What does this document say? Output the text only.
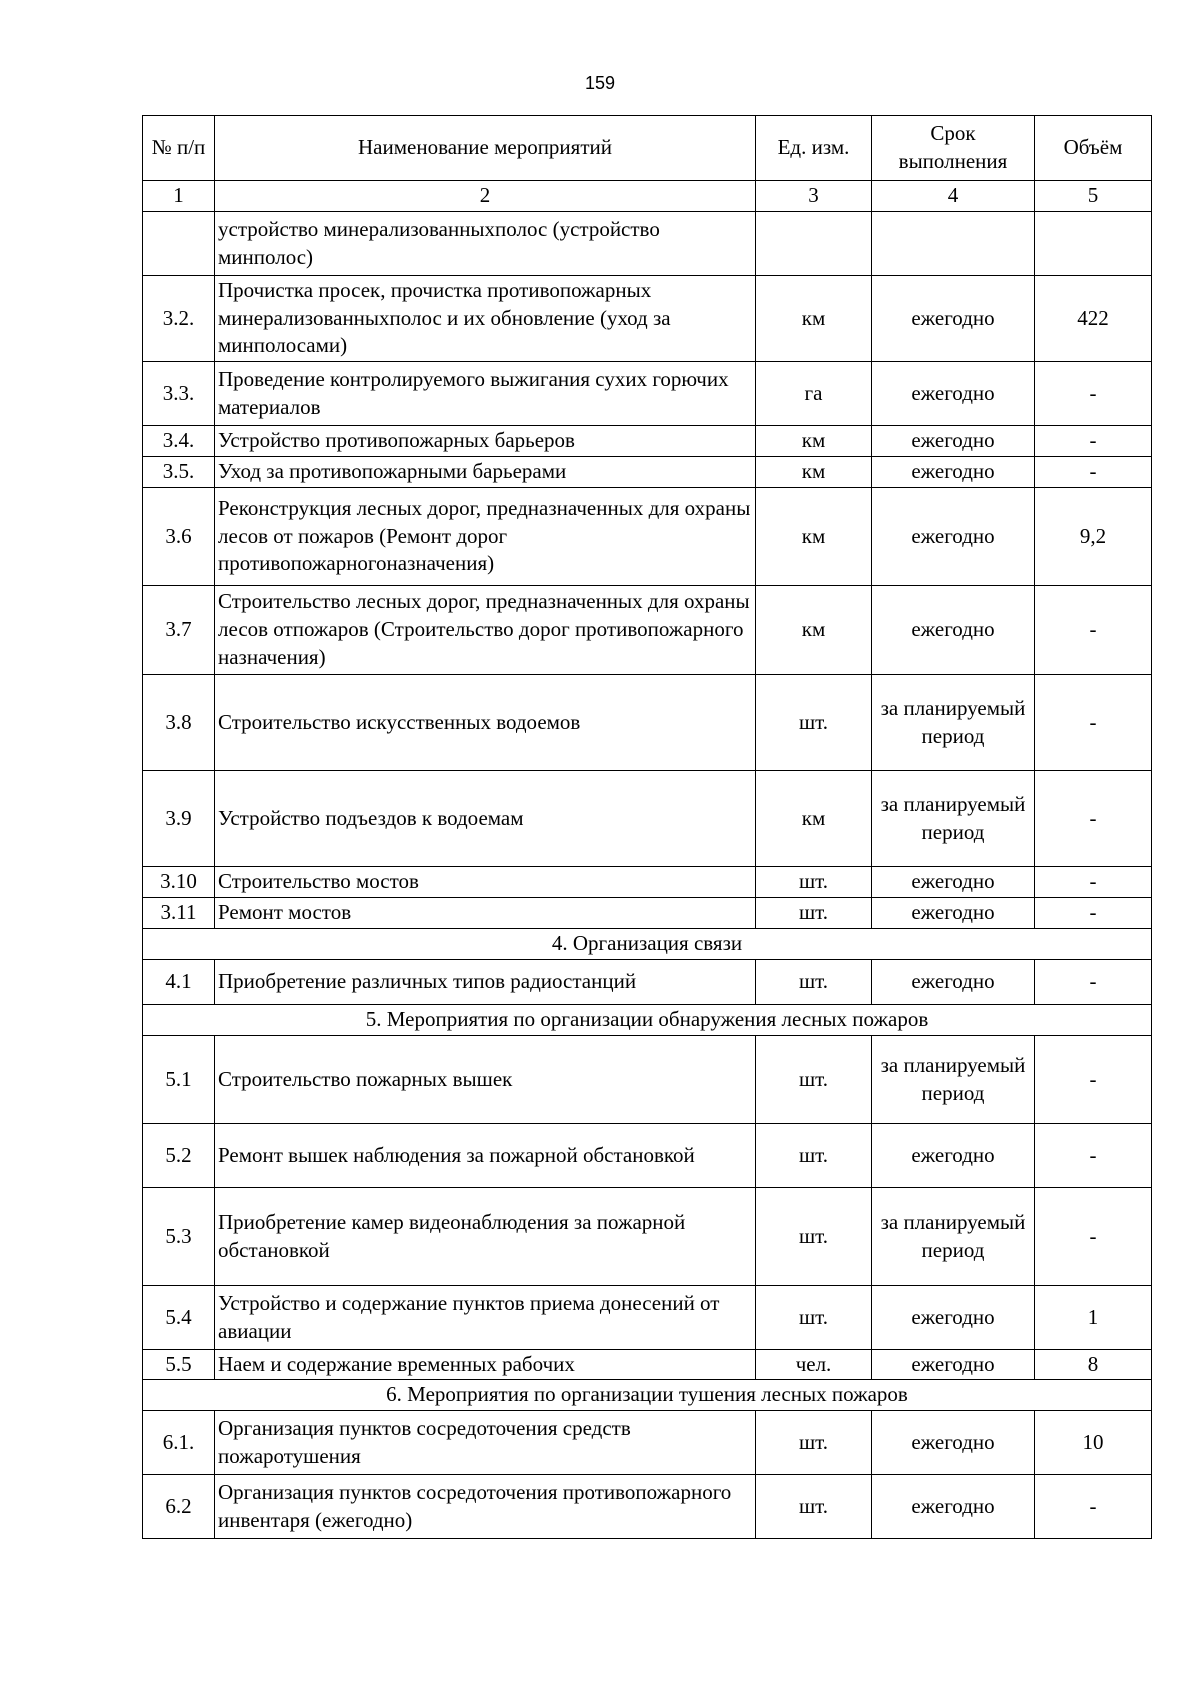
159
№ п/п	Наименование мероприятий	Ед. изм.	Срок выполнения	Объём
1	2	3	4	5
	устройство минерализованныхполос (устройство минполос)			
3.2.	Прочистка просек, прочистка противопожарных минерализованныхполос и их обновление (уход за минполосами)	км	ежегодно	422
3.3.	Проведение контролируемого выжигания сухих горючих материалов	га	ежегодно	-
3.4.	Устройство противопожарных барьеров	км	ежегодно	-
3.5.	Уход за противопожарными барьерами	км	ежегодно	-
3.6	Реконструкция лесных дорог, предназначенных для охраны лесов от пожаров (Ремонт дорог противопожарногоназначения)	км	ежегодно	9,2
3.7	Строительство лесных дорог, предназначенных для охраны лесов отпожаров (Строительство дорог противопожарного назначения)	км	ежегодно	-
3.8	Строительство искусственных водоемов	шт.	за планируемый период	-
3.9	Устройство подъездов к водоемам	км	за планируемый период	-
3.10	Строительство мостов	шт.	ежегодно	-
3.11	Ремонт мостов	шт.	ежегодно	-
4. Организация связи				
4.1	Приобретение различных типов радиостанций	шт.	ежегодно	-
5. Мероприятия по организации обнаружения лесных пожаров				
5.1	Строительство пожарных вышек	шт.	за планируемый период	-
5.2	Ремонт вышек наблюдения за пожарной обстановкой	шт.	ежегодно	-
5.3	Приобретение камер видеонаблюдения за пожарной обстановкой	шт.	за планируемый период	-
5.4	Устройство и содержание пунктов приема донесений от авиации	шт.	ежегодно	1
5.5	Наем и содержание временных рабочих	чел.	ежегодно	8
6. Мероприятия по организации тушения лесных пожаров				
6.1.	Организация пунктов сосредоточения средств пожаротушения	шт.	ежегодно	10
6.2	Организация пунктов сосредоточения противопожарного инвентаря (ежегодно)	шт.	ежегодно	-
